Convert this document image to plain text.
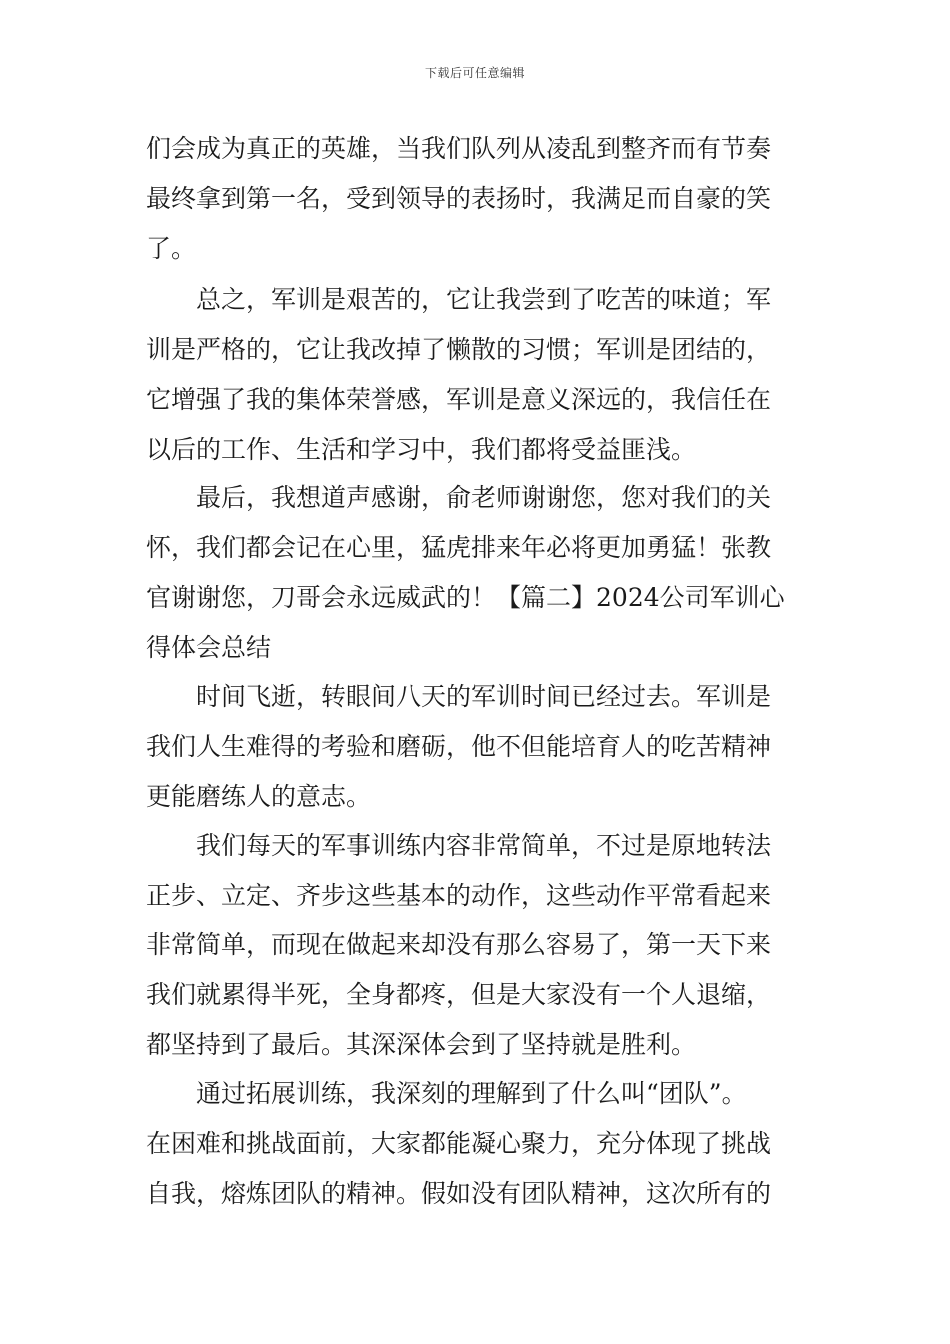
下载后可任意编辑
们会成为真正的英雄，当我们队列从凌乱到整齐而有节奏
最终拿到第一名，受到领导的表扬时，我满足而自豪的笑
了。
　　总之，军训是艰苦的，它让我尝到了吃苦的味道；军
训是严格的，它让我改掉了懒散的习惯；军训是团结的，
它增强了我的集体荣誉感，军训是意义深远的，我信任在
以后的工作、生活和学习中，我们都将受益匪浅。
　　最后，我想道声感谢，俞老师谢谢您，您对我们的关
怀，我们都会记在心里，猛虎排来年必将更加勇猛！张教
官谢谢您，刀哥会永远威武的！【篇二】2024公司军训心
得体会总结
　　时间飞逝，转眼间八天的军训时间已经过去。军训是
我们人生难得的考验和磨砺，他不但能培育人的吃苦精神
更能磨练人的意志。
　　我们每天的军事训练内容非常简单，不过是原地转法
正步、立定、齐步这些基本的动作，这些动作平常看起来
非常简单，而现在做起来却没有那么容易了，第一天下来
我们就累得半死，全身都疼，但是大家没有一个人退缩，
都坚持到了最后。其深深体会到了坚持就是胜利。
　　通过拓展训练，我深刻的理解到了什么叫“团队”。
在困难和挑战面前，大家都能凝心聚力，充分体现了挑战
自我，熔炼团队的精神。假如没有团队精神，这次所有的
